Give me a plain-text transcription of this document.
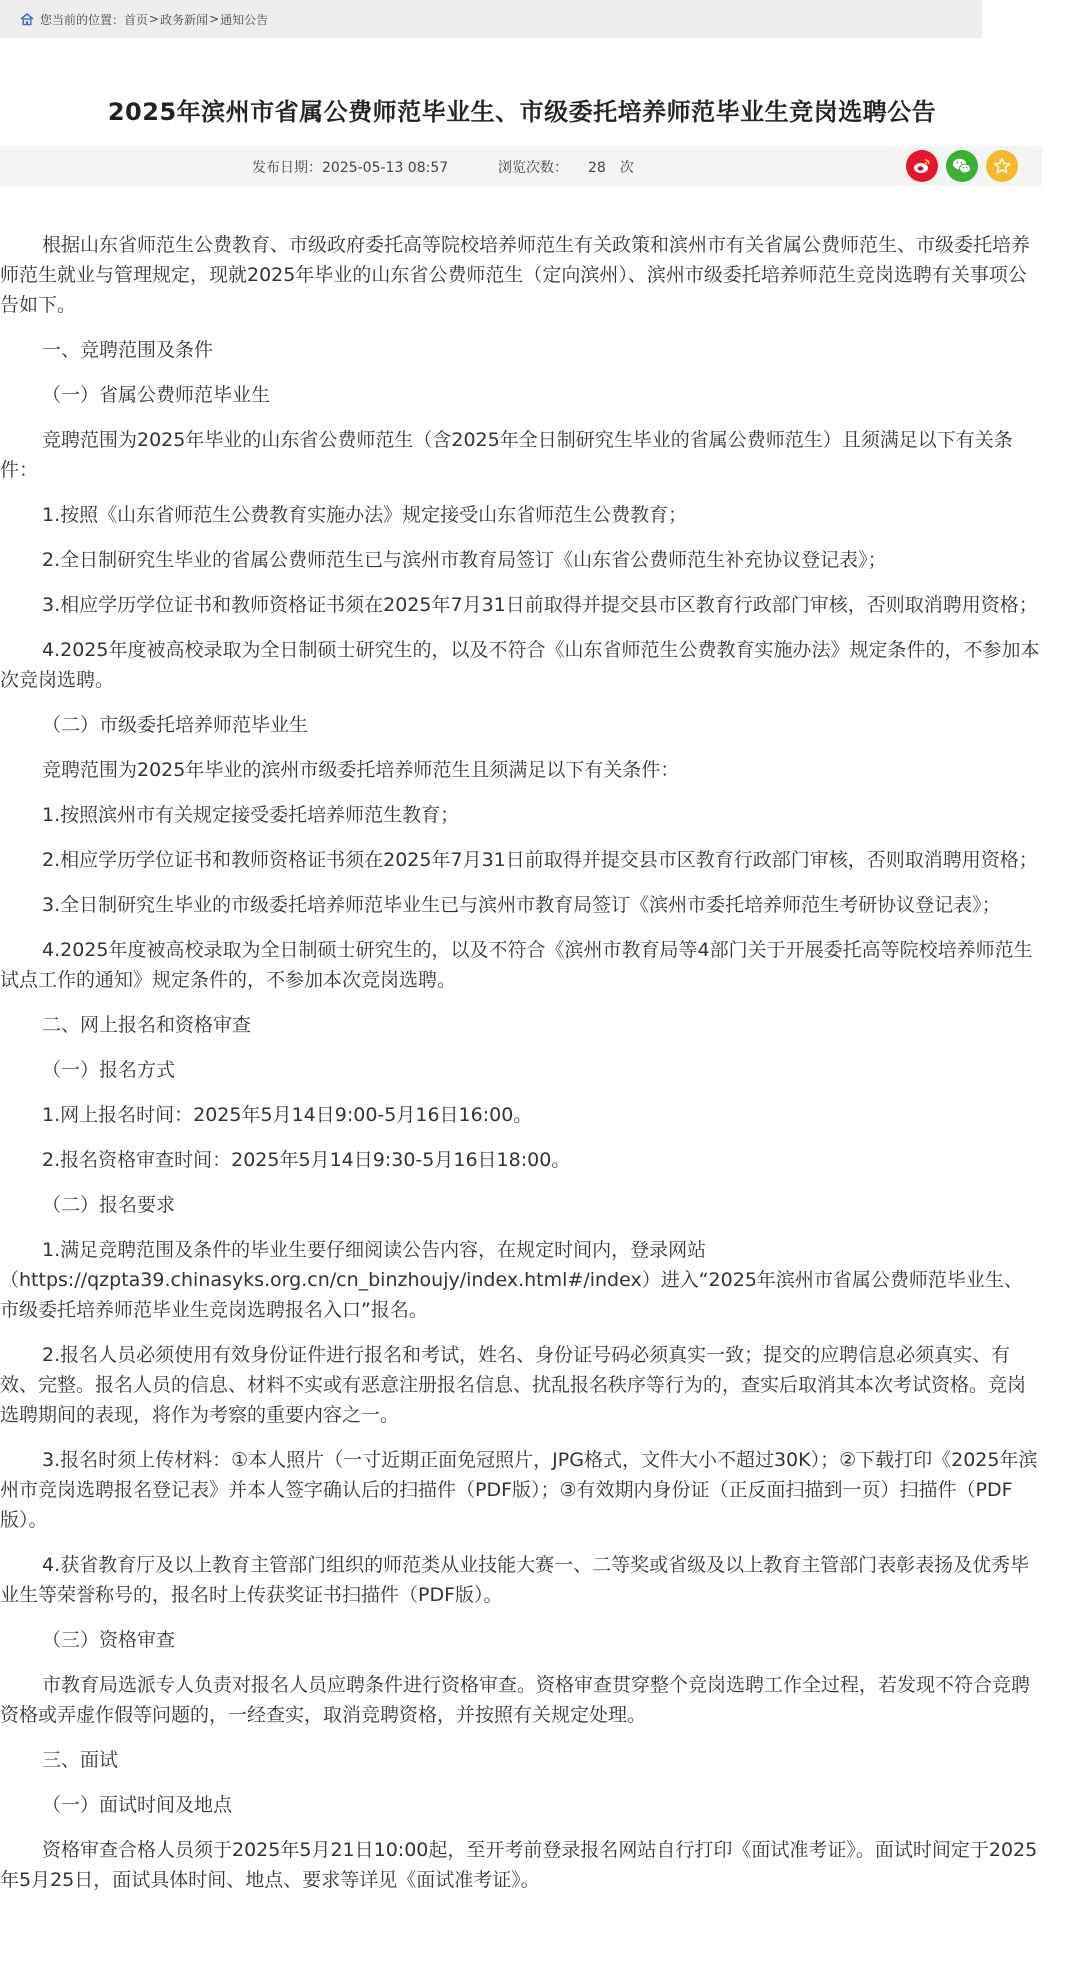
您当前的位置： 首页 > 政务新闻 > 通知公告
2025年滨州市省属公费师范毕业生、市级委托培养师范毕业生竞岗选聘公告
发布日期：2025-05-13 08:57	浏览次数： 28 次

根据山东省师范生公费教育、市级政府委托高等院校培养师范生有关政策和滨州市有关省属公费师范生、市级委托培养师范生就业与管理规定，现就2025年毕业的山东省公费师范生（定向滨州）、滨州市级委托培养师范生竞岗选聘有关事项公告如下。

一、竞聘范围及条件

（一）省属公费师范毕业生

竞聘范围为2025年毕业的山东省公费师范生（含2025年全日制研究生毕业的省属公费师范生）且须满足以下有关条件：

1.按照《山东省师范生公费教育实施办法》规定接受山东省师范生公费教育；

2.全日制研究生毕业的省属公费师范生已与滨州市教育局签订《山东省公费师范生补充协议登记表》；

3.相应学历学位证书和教师资格证书须在2025年7月31日前取得并提交县市区教育行政部门审核，否则取消聘用资格；

4.2025年度被高校录取为全日制硕士研究生的，以及不符合《山东省师范生公费教育实施办法》规定条件的，不参加本次竞岗选聘。

（二）市级委托培养师范毕业生

竞聘范围为2025年毕业的滨州市级委托培养师范生且须满足以下有关条件：

1.按照滨州市有关规定接受委托培养师范生教育；

2.相应学历学位证书和教师资格证书须在2025年7月31日前取得并提交县市区教育行政部门审核，否则取消聘用资格；

3.全日制研究生毕业的市级委托培养师范毕业生已与滨州市教育局签订《滨州市委托培养师范生考研协议登记表》；

4.2025年度被高校录取为全日制硕士研究生的，以及不符合《滨州市教育局等4部门关于开展委托高等院校培养师范生试点工作的通知》规定条件的，不参加本次竞岗选聘。

二、网上报名和资格审查

（一）报名方式

1.网上报名时间：2025年5月14日9:00-5月16日16:00。

2.报名资格审查时间：2025年5月14日9:30-5月16日18:00。

（二）报名要求

1.满足竞聘范围及条件的毕业生要仔细阅读公告内容，在规定时间内，登录网站（https://qzpta39.chinasyks.org.cn/cn_binzhoujy/index.html#/index）进入“2025年滨州市省属公费师范毕业生、市级委托培养师范毕业生竞岗选聘报名入口”报名。

2.报名人员必须使用有效身份证件进行报名和考试，姓名、身份证号码必须真实一致；提交的应聘信息必须真实、有效、完整。报名人员的信息、材料不实或有恶意注册报名信息、扰乱报名秩序等行为的，查实后取消其本次考试资格。竞岗选聘期间的表现，将作为考察的重要内容之一。

3.报名时须上传材料：①本人照片（一寸近期正面免冠照片，JPG格式，文件大小不超过30K）；②下载打印《2025年滨州市竞岗选聘报名登记表》并本人签字确认后的扫描件（PDF版）；③有效期内身份证（正反面扫描到一页）扫描件（PDF版）。

4.获省教育厅及以上教育主管部门组织的师范类从业技能大赛一、二等奖或省级及以上教育主管部门表彰表扬及优秀毕业生等荣誉称号的，报名时上传获奖证书扫描件（PDF版）。

（三）资格审查

市教育局选派专人负责对报名人员应聘条件进行资格审查。资格审查贯穿整个竞岗选聘工作全过程，若发现不符合竞聘资格或弄虚作假等问题的，一经查实，取消竞聘资格，并按照有关规定处理。

三、面试

（一）面试时间及地点

资格审查合格人员须于2025年5月21日10:00起，至开考前登录报名网站自行打印《面试准考证》。面试时间定于2025年5月25日，面试具体时间、地点、要求等详见《面试准考证》。
